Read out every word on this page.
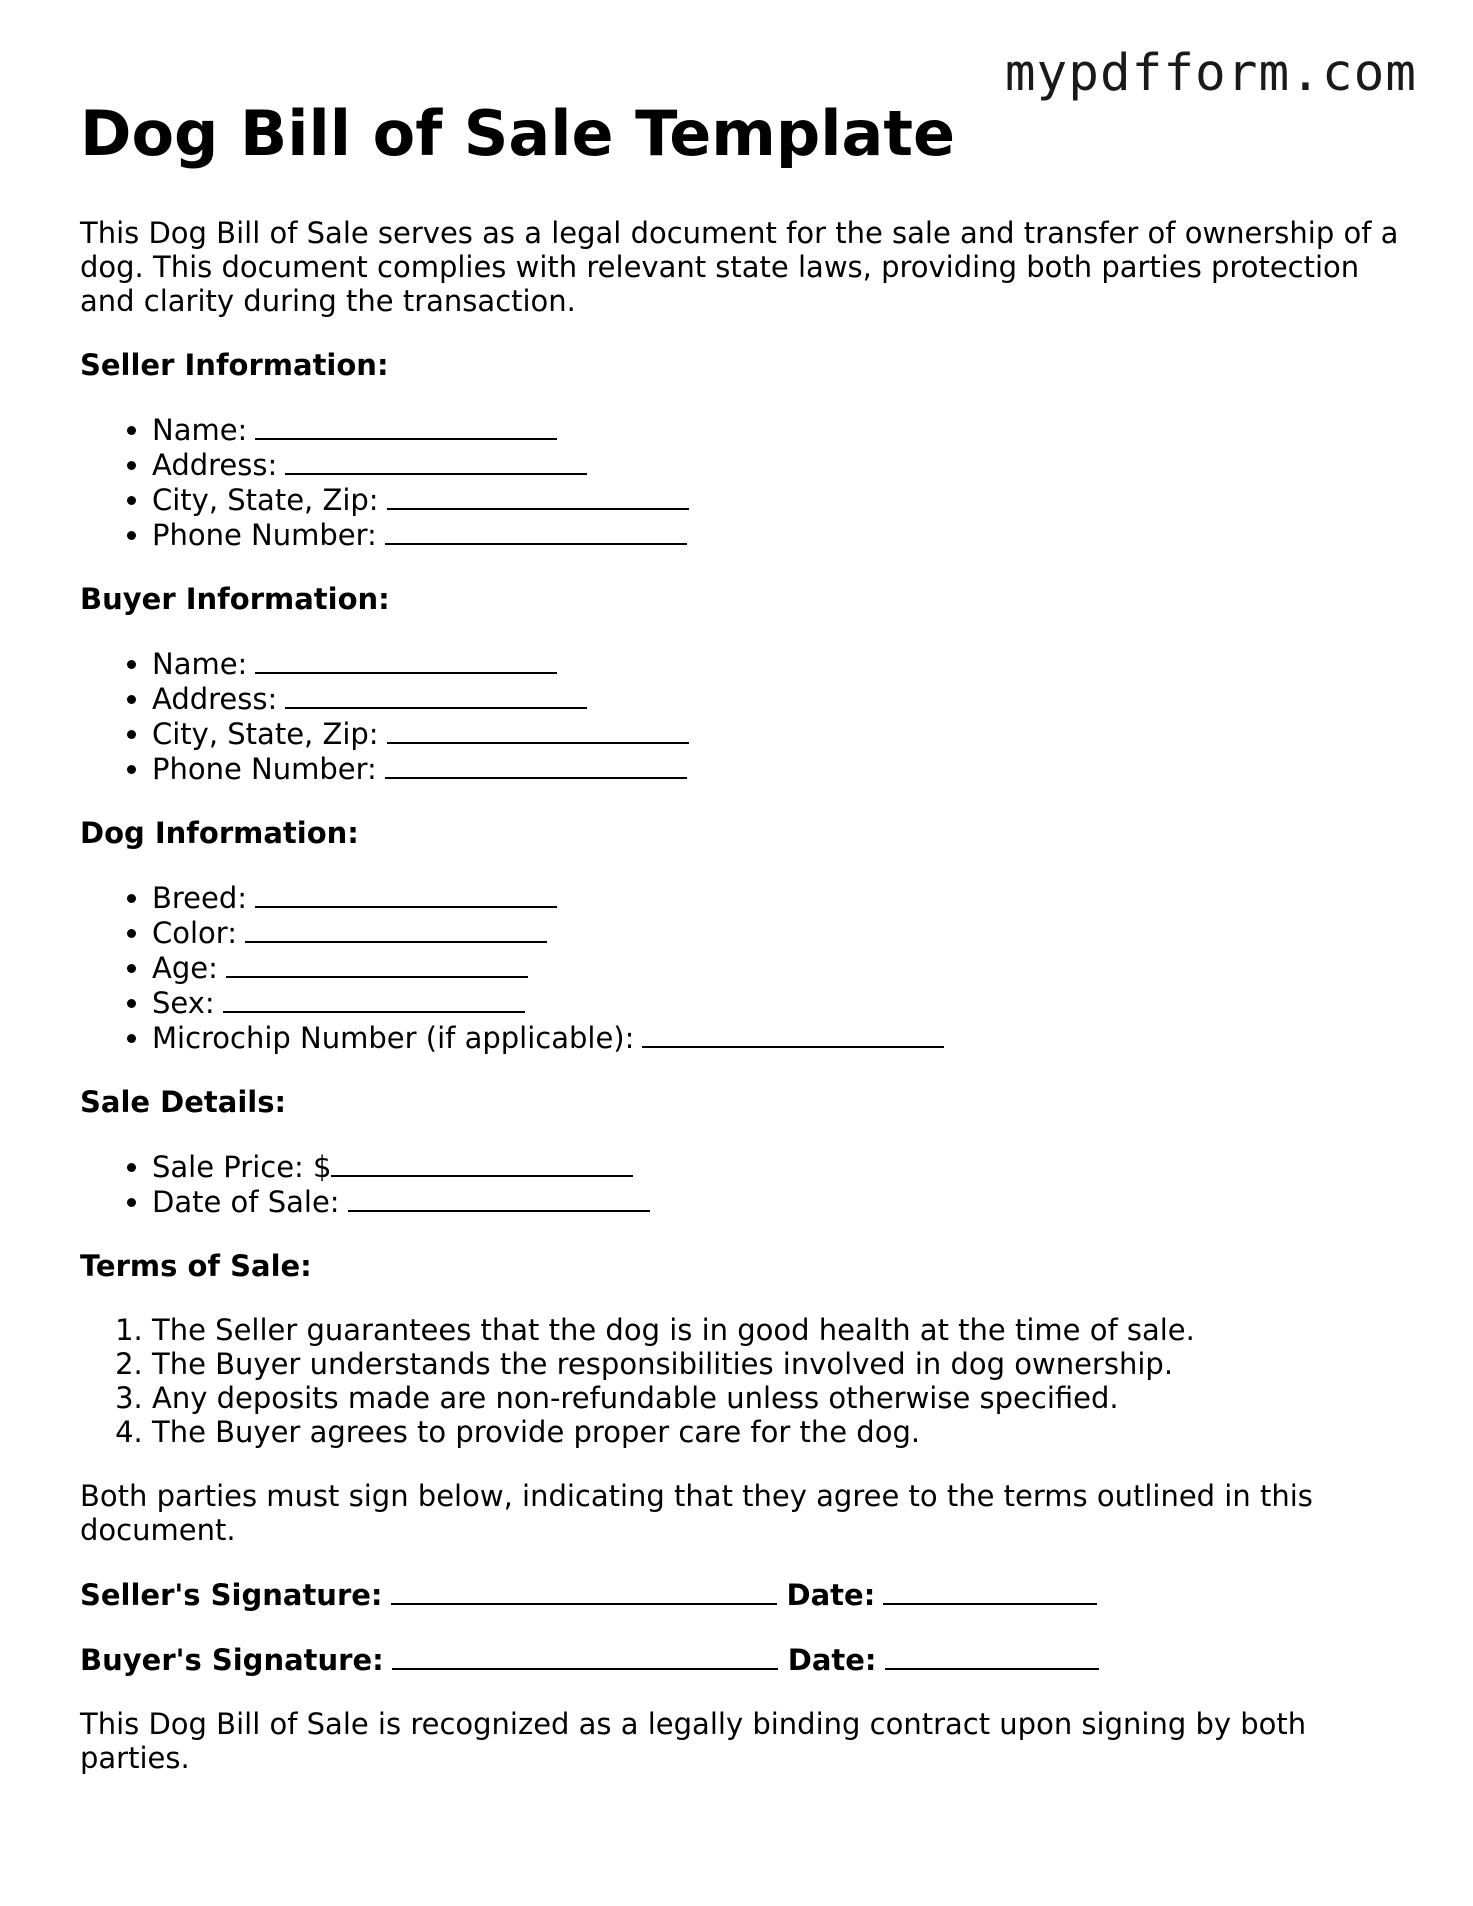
mypdfform.com
Dog Bill of Sale Template

This Dog Bill of Sale serves as a legal document for the sale and transfer of ownership of a dog. This document complies with relevant state laws, providing both parties protection and clarity during the transaction.

Seller Information:
• Name:
• Address:
• City, State, Zip:
• Phone Number:
Buyer Information:
• Name:
• Address:
• City, State, Zip:
• Phone Number:
Dog Information:
• Breed:
• Color:
• Age:
• Sex:
• Microchip Number (if applicable):
Sale Details:
• Sale Price: $
• Date of Sale:
Terms of Sale:
1. The Seller guarantees that the dog is in good health at the time of sale.
2. The Buyer understands the responsibilities involved in dog ownership.
3. Any deposits made are non-refundable unless otherwise specified.
4. The Buyer agrees to provide proper care for the dog.

Both parties must sign below, indicating that they agree to the terms outlined in this document.

Seller's Signature:	Date:
Buyer's Signature:	Date:

This Dog Bill of Sale is recognized as a legally binding contract upon signing by both parties.
